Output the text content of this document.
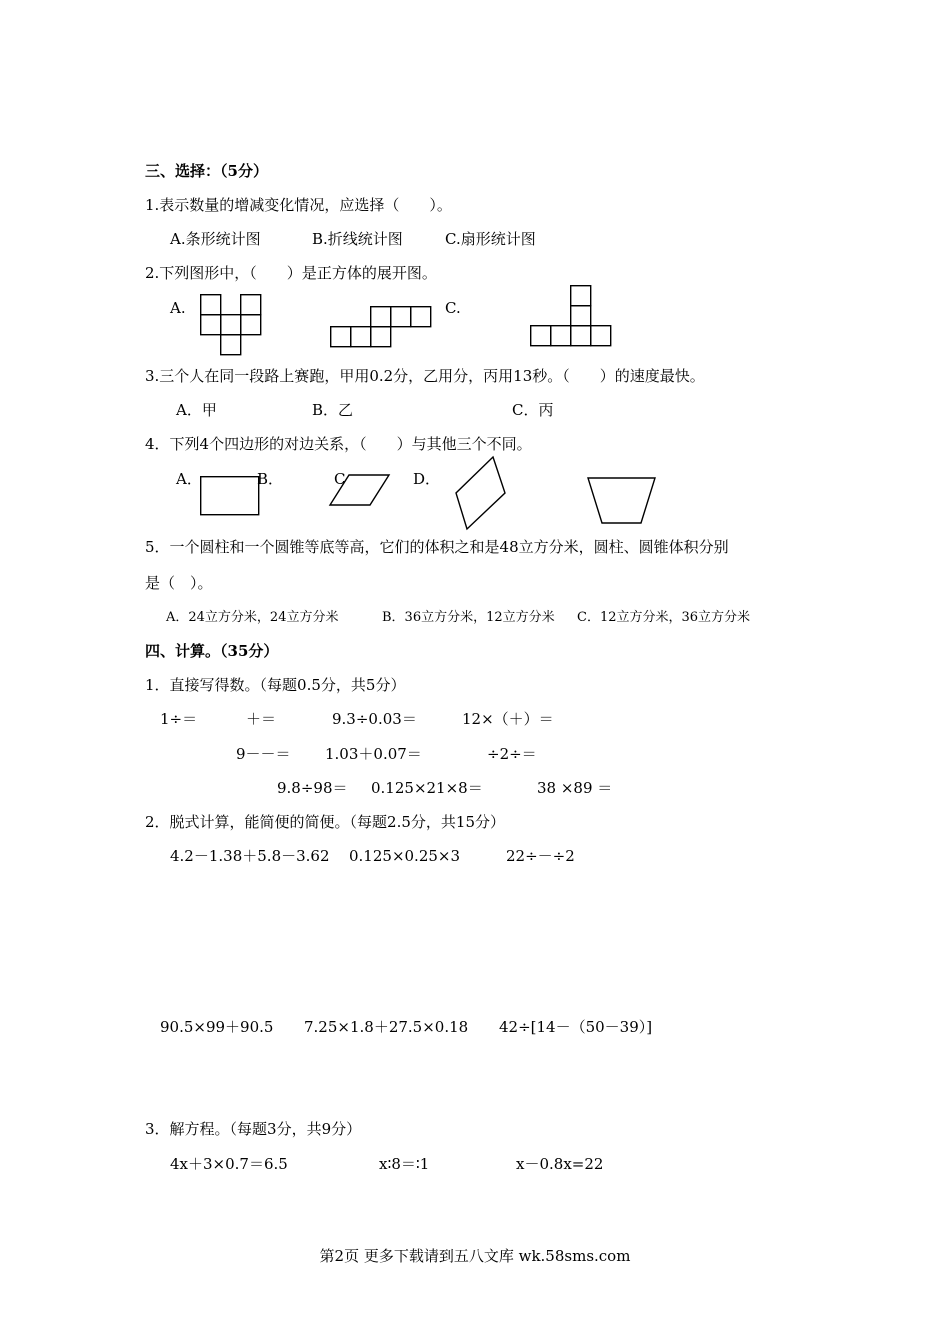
三、选择：（5分）
1.表示数量的增减变化情况，应选择（　　）。
A.条形统计图	B.折线统计图	C.扇形统计图
2.下列图形中，（　　）是正方体的展开图。
A.	C.
3.三个人在同一段路上赛跑，甲用0.2分，乙用分，丙用13秒。（　　）的速度最快。
A．甲	B．乙	C．丙
4．下列4个四边形的对边关系，（　　）与其他三个不同。
A．	B．	C	D．
5．一个圆柱和一个圆锥等底等高，它们的体积之和是48立方分米，圆柱、圆锥体积分别
是（　）。
A．24立方分米，24立方分米	B．36立方分米，12立方分米 C．12立方分米，36立方分米
四、计算。（35分）
1．直接写得数。（每题0.5分，共5分）
1÷＝	＋＝	9.3÷0.03＝	12×（＋）＝
9－－＝ 1.03＋0.07＝	÷2÷＝
9.8÷98＝ 0.125×21×8＝	38 ×89 ＝
2．脱式计算，能简便的简便。（每题2.5分，共15分）
4.2－1.38＋5.8－3.62 0.125×0.25×3	22÷－÷2
90.5×99＋90.5 7.25×1.8＋27.5×0.18 42÷[14－（50－39）]
3．解方程。（每题3分，共9分）
4x＋3×0.7＝6.5	x∶8＝∶1	x－0.8x=22
第2页 更多下载请到五八文库 wk.58sms.com
